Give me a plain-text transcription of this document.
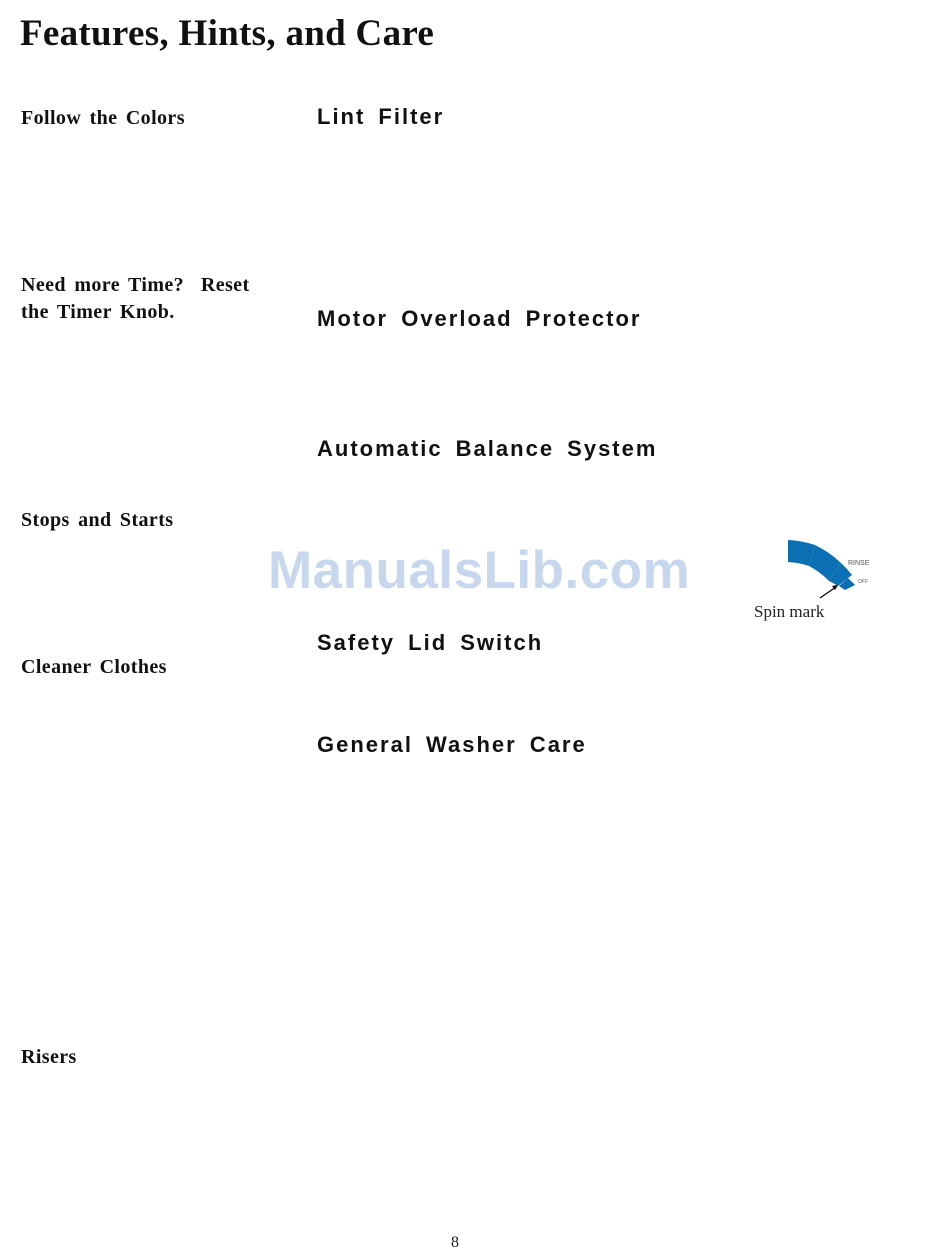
Features, Hints, and Care

Follow the Colors

Need more Time?  Reset
the Timer Knob.

Stops and Starts

Cleaner Clothes

Risers

Lint Filter
Motor Overload Protector
Automatic Balance System
Safety Lid Switch
General Washer Care
ManualsLib.com	RINSE
OFF
Spin mark
8
